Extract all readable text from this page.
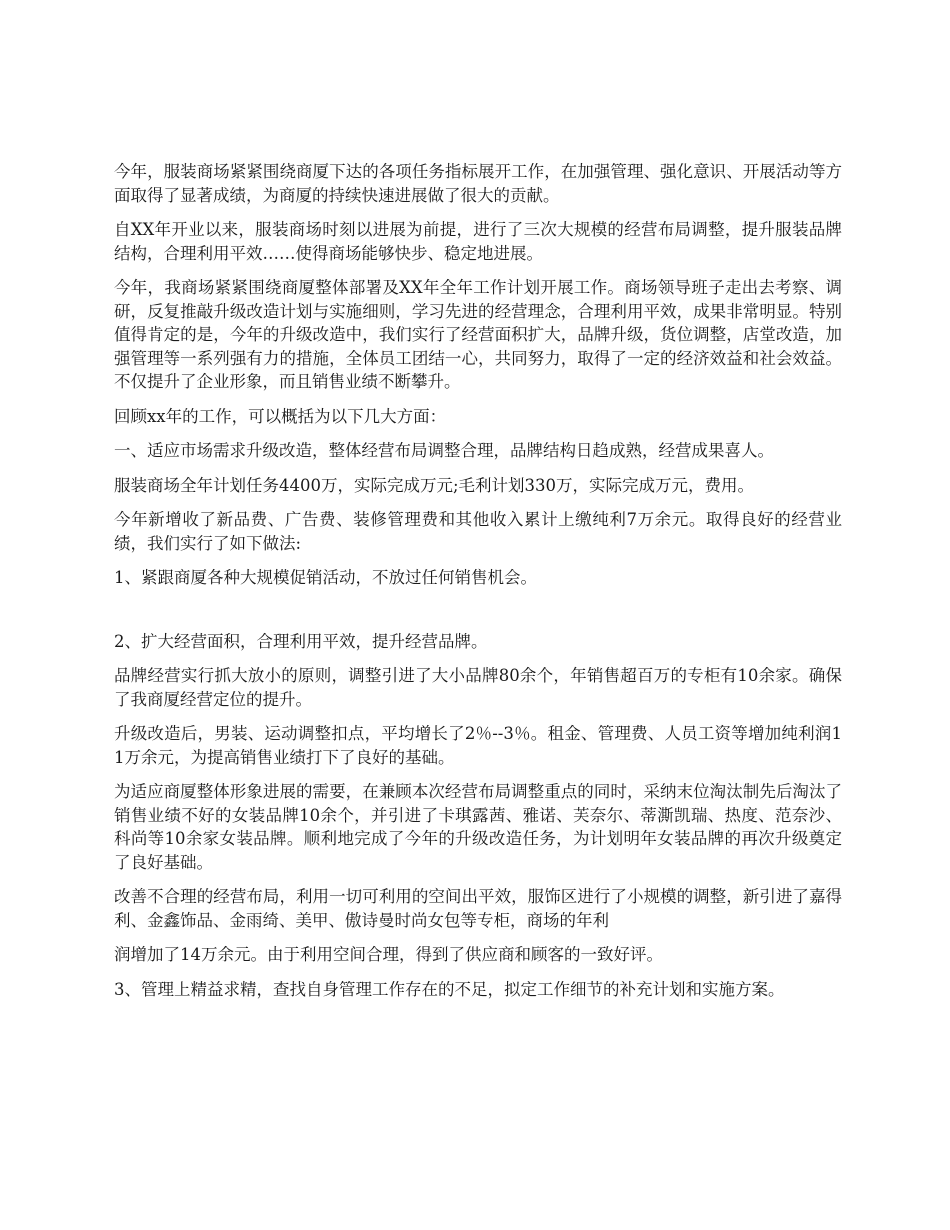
今年，服装商场紧紧围绕商厦下达的各项任务指标展开工作，在加强管理、强化意识、开展活动等方面取得了显著成绩，为商厦的持续快速进展做了很大的贡献。

自XX年开业以来，服装商场时刻以进展为前提，进行了三次大规模的经营布局调整，提升服装品牌结构，合理利用平效……使得商场能够快步、稳定地进展。

今年，我商场紧紧围绕商厦整体部署及XX年全年工作计划开展工作。商场领导班子走出去考察、调研，反复推敲升级改造计划与实施细则，学习先进的经营理念，合理利用平效，成果非常明显。特别值得肯定的是，今年的升级改造中，我们实行了经营面积扩大，品牌升级，货位调整，店堂改造，加强管理等一系列强有力的措施，全体员工团结一心，共同努力，取得了一定的经济效益和社会效益。不仅提升了企业形象，而且销售业绩不断攀升。

回顾xx年的工作，可以概括为以下几大方面：

一、适应市场需求升级改造，整体经营布局调整合理，品牌结构日趋成熟，经营成果喜人。

服装商场全年计划任务4400万，实际完成万元;毛利计划330万，实际完成万元，费用。

今年新增收了新品费、广告费、装修管理费和其他收入累计上缴纯利7万余元。取得良好的经营业绩，我们实行了如下做法:

1、紧跟商厦各种大规模促销活动，不放过任何销售机会。

2、扩大经营面积，合理利用平效，提升经营品牌。

品牌经营实行抓大放小的原则，调整引进了大小品牌80余个，年销售超百万的专柜有10余家。确保了我商厦经营定位的提升。

升级改造后，男装、运动调整扣点，平均增长了2％--3％。租金、管理费、人员工资等增加纯利润11万余元，为提高销售业绩打下了良好的基础。

为适应商厦整体形象进展的需要，在兼顾本次经营布局调整重点的同时，采纳末位淘汰制先后淘汰了销售业绩不好的女装品牌10余个，并引进了卡琪露茜、雅诺、芙奈尔、蒂澌凯瑞、热度、范奈沙、科尚等10余家女装品牌。顺利地完成了今年的升级改造任务，为计划明年女装品牌的再次升级奠定了良好基础。

改善不合理的经营布局，利用一切可利用的空间出平效，服饰区进行了小规模的调整，新引进了嘉得利、金鑫饰品、金雨绮、美甲、傲诗曼时尚女包等专柜，商场的年利

润增加了14万余元。由于利用空间合理，得到了供应商和顾客的一致好评。

3、管理上精益求精，查找自身管理工作存在的不足，拟定工作细节的补充计划和实施方案。
